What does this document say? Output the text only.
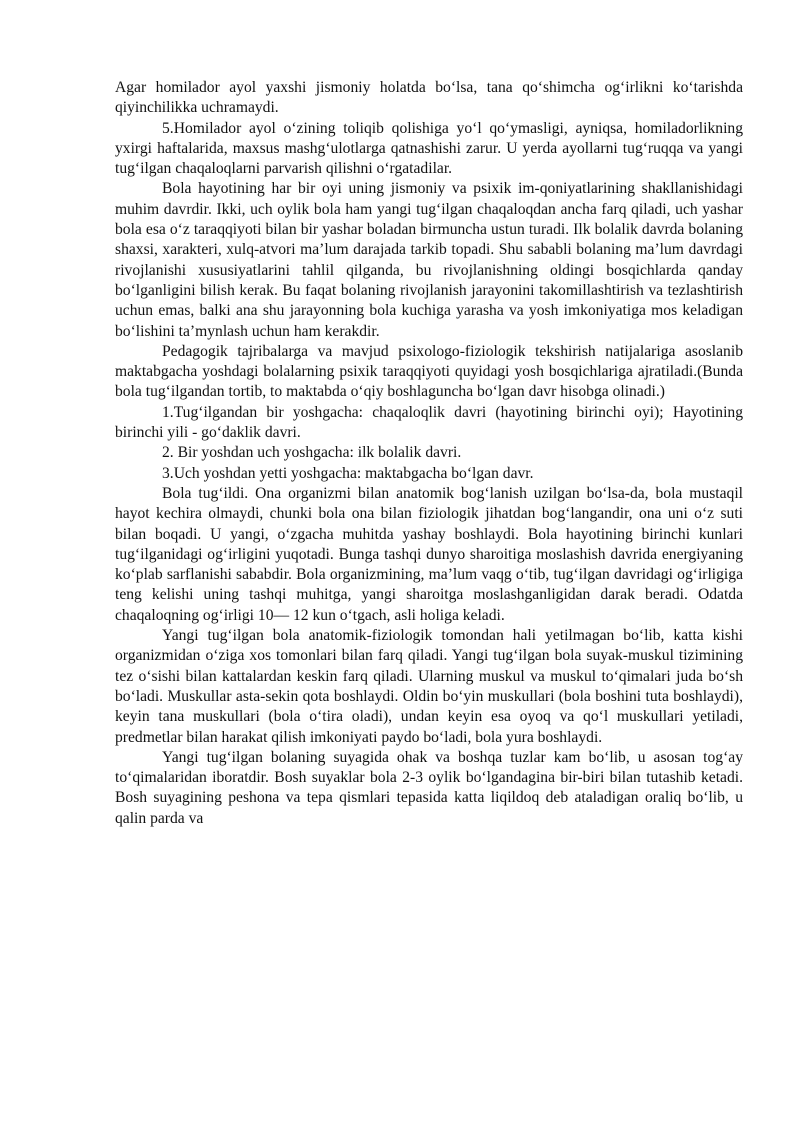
Agar homilador ayol yaxshi jismoniy holatda bo‘lsa, tana qo‘shimcha og‘irlikni ko‘tarishda qiyinchilikka uchramaydi.

5.Homilador ayol o‘zining toliqib qolishiga yo‘l qo‘ymasligi, ayniqsa, homiladorlikning yxirgi haftalarida, maxsus mashg‘ulotlarga qatnashishi zarur. U yerda ayollarni tug‘ruqqa va yangi tug‘ilgan chaqaloqlarni parvarish qilishni o‘rgatadilar.

Bola hayotining har bir oyi uning jismoniy va psixik im-qoniyatlarining shakllanishidagi muhim davrdir. Ikki, uch oylik bola ham yangi tug‘ilgan chaqaloqdan ancha farq qiladi, uch yashar bola esa o‘z taraqqiyoti bilan bir yashar boladan birmuncha ustun turadi. Ilk bolalik davrda bolaning shaxsi, xarakteri, xulq-atvori ma’lum darajada tarkib topadi. Shu sababli bolaning ma’lum davrdagi rivojlanishi xususiyatlarini tahlil qilganda, bu rivojlanishning oldingi bosqichlarda qanday bo‘lganligini bilish kerak. Bu faqat bolaning rivojlanish jarayonini takomillashtirish va tezlashtirish uchun emas, balki ana shu jarayonning bola kuchiga yarasha va yosh imkoniyatiga mos keladigan bo‘lishini ta’mynlash uchun ham kerakdir.

Pedagogik tajribalarga va mavjud psixologo-fiziologik tekshirish natijalariga asoslanib maktabgacha yoshdagi bolalarning psixik taraqqiyoti quyidagi yosh bosqichlariga ajratiladi.(Bunda bola tug‘ilgandan tortib, to maktabda o‘qiy boshlaguncha bo‘lgan davr hisobga olinadi.)

1.Tug‘ilgandan bir yoshgacha: chaqaloqlik davri (hayotining birinchi oyi); Hayotining birinchi yili - go‘daklik davri.

2. Bir yoshdan uch yoshgacha: ilk bolalik davri.

3.Uch yoshdan yetti yoshgacha: maktabgacha bo‘lgan davr.

Bola tug‘ildi. Ona organizmi bilan anatomik bog‘lanish uzilgan bo‘lsa-da, bola mustaqil hayot kechira olmaydi, chunki bola ona bilan fiziologik jihatdan bog‘langandir, ona uni o‘z suti bilan boqadi. U yangi, o‘zgacha muhitda yashay boshlaydi. Bola hayotining birinchi kunlari tug‘ilganidagi og‘irligini yuqotadi. Bunga tashqi dunyo sharoitiga moslashish davrida energiyaning ko‘plab sarflanishi sababdir. Bola organizmining, ma’lum vaqg o‘tib, tug‘ilgan davridagi og‘irligiga teng kelishi uning tashqi muhitga, yangi sharoitga moslashganligidan darak beradi. Odatda chaqaloqning og‘irligi 10— 12 kun o‘tgach, asli holiga keladi.

Yangi tug‘ilgan bola anatomik-fiziologik tomondan hali yetilmagan bo‘lib, katta kishi organizmidan o‘ziga xos tomonlari bilan farq qiladi. Yangi tug‘ilgan bola suyak-muskul tizimining tez o‘sishi bilan kattalardan keskin farq qiladi. Ularning muskul va muskul to‘qimalari juda bo‘sh bo‘ladi. Muskullar asta-sekin qota boshlaydi. Oldin bo‘yin muskullari (bola boshini tuta boshlaydi), keyin tana muskullari (bola o‘tira oladi), undan keyin esa oyoq va qo‘l muskullari yetiladi, predmetlar bilan harakat qilish imkoniyati paydo bo‘ladi, bola yura boshlaydi.

Yangi tug‘ilgan bolaning suyagida ohak va boshqa tuzlar kam bo‘lib, u asosan tog‘ay to‘qimalaridan iboratdir. Bosh suyaklar bola 2-3 oylik bo‘lgandagina bir-biri bilan tutashib ketadi. Bosh suyagining peshona va tepa qismlari tepasida katta liqildoq deb ataladigan oraliq bo‘lib, u qalin parda va
